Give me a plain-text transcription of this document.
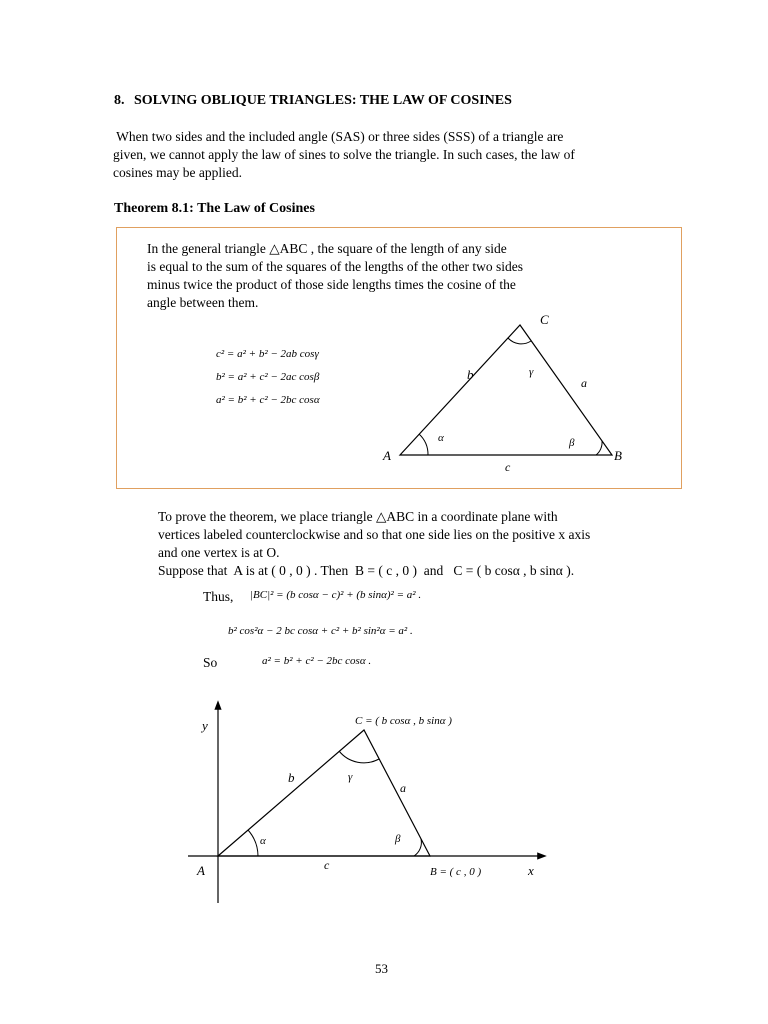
8. SOLVING OBLIQUE TRIANGLES: THE LAW OF COSINES
When two sides and the included angle (SAS) or three sides (SSS) of a triangle are
given, we cannot apply the law of sines to solve the triangle. In such cases, the law of
cosines may be applied.
Theorem 8.1: The Law of Cosines
In the general triangle △ABC , the square of the length of any side
is equal to the sum of the squares of the lengths of the other two sides
minus twice the product of those side lengths times the cosine of the
angle between them.
c² = a² + b² − 2ab cosγ
b² = a² + c² − 2ac cosβ
a² = b² + c² − 2bc cosα
A	B
C
b
a
c
α	β
γ
To prove the theorem, we place triangle △ABC in a coordinate plane with
vertices labeled counterclockwise and so that one side lies on the positive x axis
and one vertex is at O.
Suppose that  A is at ( 0 , 0 ) . Then  B = ( c , 0 )  and   C = ( b cosα , b sinα ).
Thus, |BC|² = (b cosα − c)² + (b sinα)² = a² .
b² cos²α − 2 bc cosα + c² + b² sin²α = a² .
So	a² = b² + c² − 2bc cosα .
y
x
A
C = ( b cosα , b sinα )
B = ( c , 0 )
b
a
c
α	β
γ
53
